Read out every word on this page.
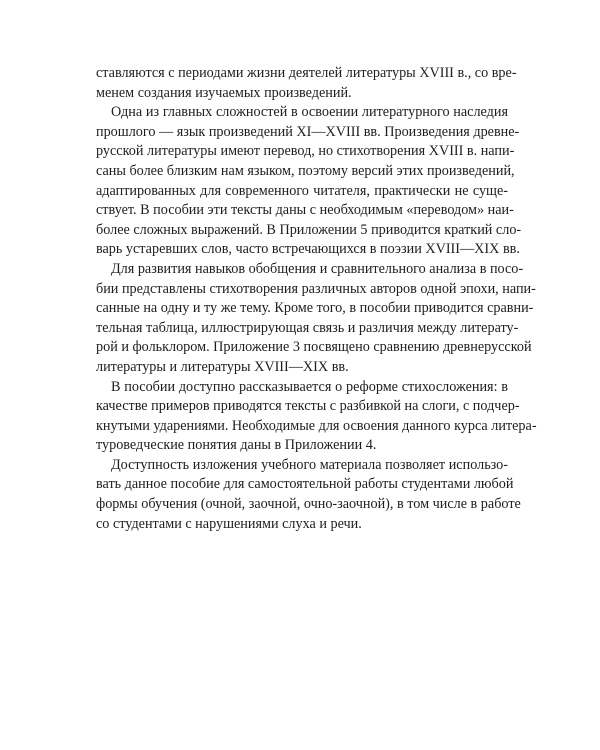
ставляются с периодами жизни деятелей литературы XVIII в., со вре-
менем создания изучаемых произведений.
Одна из главных сложностей в освоении литературного наследия
прошлого — язык произведений XI—XVIII вв. Произведения древне-
русской литературы имеют перевод, но стихотворения XVIII в. напи-
саны более близким нам языком, поэтому версий этих произведений,
адаптированных для современного читателя, практически не суще-
ствует. В пособии эти тексты даны с необходимым «переводом» наи-
более сложных выражений. В Приложении 5 приводится краткий сло-
варь устаревших слов, часто встречающихся в поэзии XVIII—XIX вв.
Для развития навыков обобщения и сравнительного анализа в посо-
бии представлены стихотворения различных авторов одной эпохи, напи-
санные на одну и ту же тему. Кроме того, в пособии приводится сравни-
тельная таблица, иллюстрирующая связь и различия между литерату-
рой и фольклором. Приложение 3 посвящено сравнению древнерусской
литературы и литературы XVIII—XIX вв.
В пособии доступно рассказывается о реформе стихосложения: в
качестве примеров приводятся тексты с разбивкой на слоги, с подчер-
кнутыми ударениями. Необходимые для освоения данного курса литера-
туроведческие понятия даны в Приложении 4.
Доступность изложения учебного материала позволяет использо-
вать данное пособие для самостоятельной работы студентами любой
формы обучения (очной, заочной, очно-заочной), в том числе в работе
со студентами с нарушениями слуха и речи.
